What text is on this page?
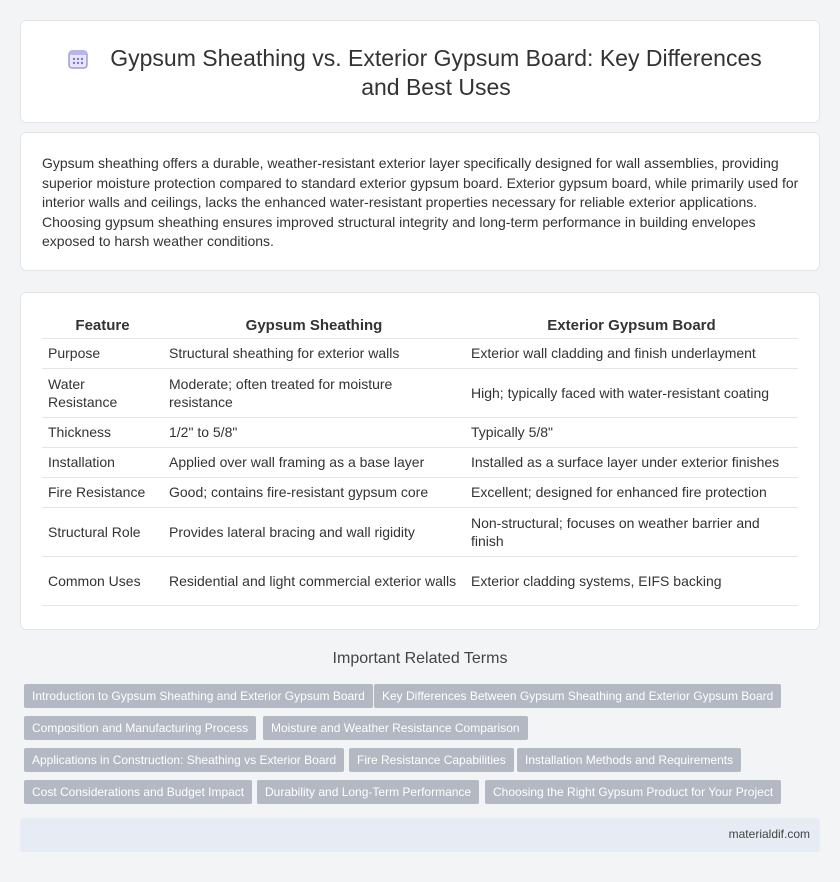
Gypsum Sheathing vs. Exterior Gypsum Board: Key Differences and Best Uses

Gypsum sheathing offers a durable, weather-resistant exterior layer specifically designed for wall assemblies, providing superior moisture protection compared to standard exterior gypsum board. Exterior gypsum board, while primarily used for interior walls and ceilings, lacks the enhanced water-resistant properties necessary for reliable exterior applications. Choosing gypsum sheathing ensures improved structural integrity and long-term performance in building envelopes exposed to harsh weather conditions.

Feature	Gypsum Sheathing	Exterior Gypsum Board
Purpose	Structural sheathing for exterior walls	Exterior wall cladding and finish underlayment
Water Resistance	Moderate; often treated for moisture resistance	High; typically faced with water-resistant coating
Thickness	1/2" to 5/8"	Typically 5/8"
Installation	Applied over wall framing as a base layer	Installed as a surface layer under exterior finishes
Fire Resistance	Good; contains fire-resistant gypsum core	Excellent; designed for enhanced fire protection
Structural Role	Provides lateral bracing and wall rigidity	Non-structural; focuses on weather barrier and finish
Common Uses	Residential and light commercial exterior walls	Exterior cladding systems, EIFS backing
Important Related Terms
Introduction to Gypsum Sheathing and Exterior Gypsum Board	Key Differences Between Gypsum Sheathing and Exterior Gypsum Board
Composition and Manufacturing Process	Moisture and Weather Resistance Comparison
Applications in Construction: Sheathing vs Exterior Board	Fire Resistance Capabilities	Installation Methods and Requirements
Cost Considerations and Budget Impact	Durability and Long-Term Performance	Choosing the Right Gypsum Product for Your Project
materialdif.com
